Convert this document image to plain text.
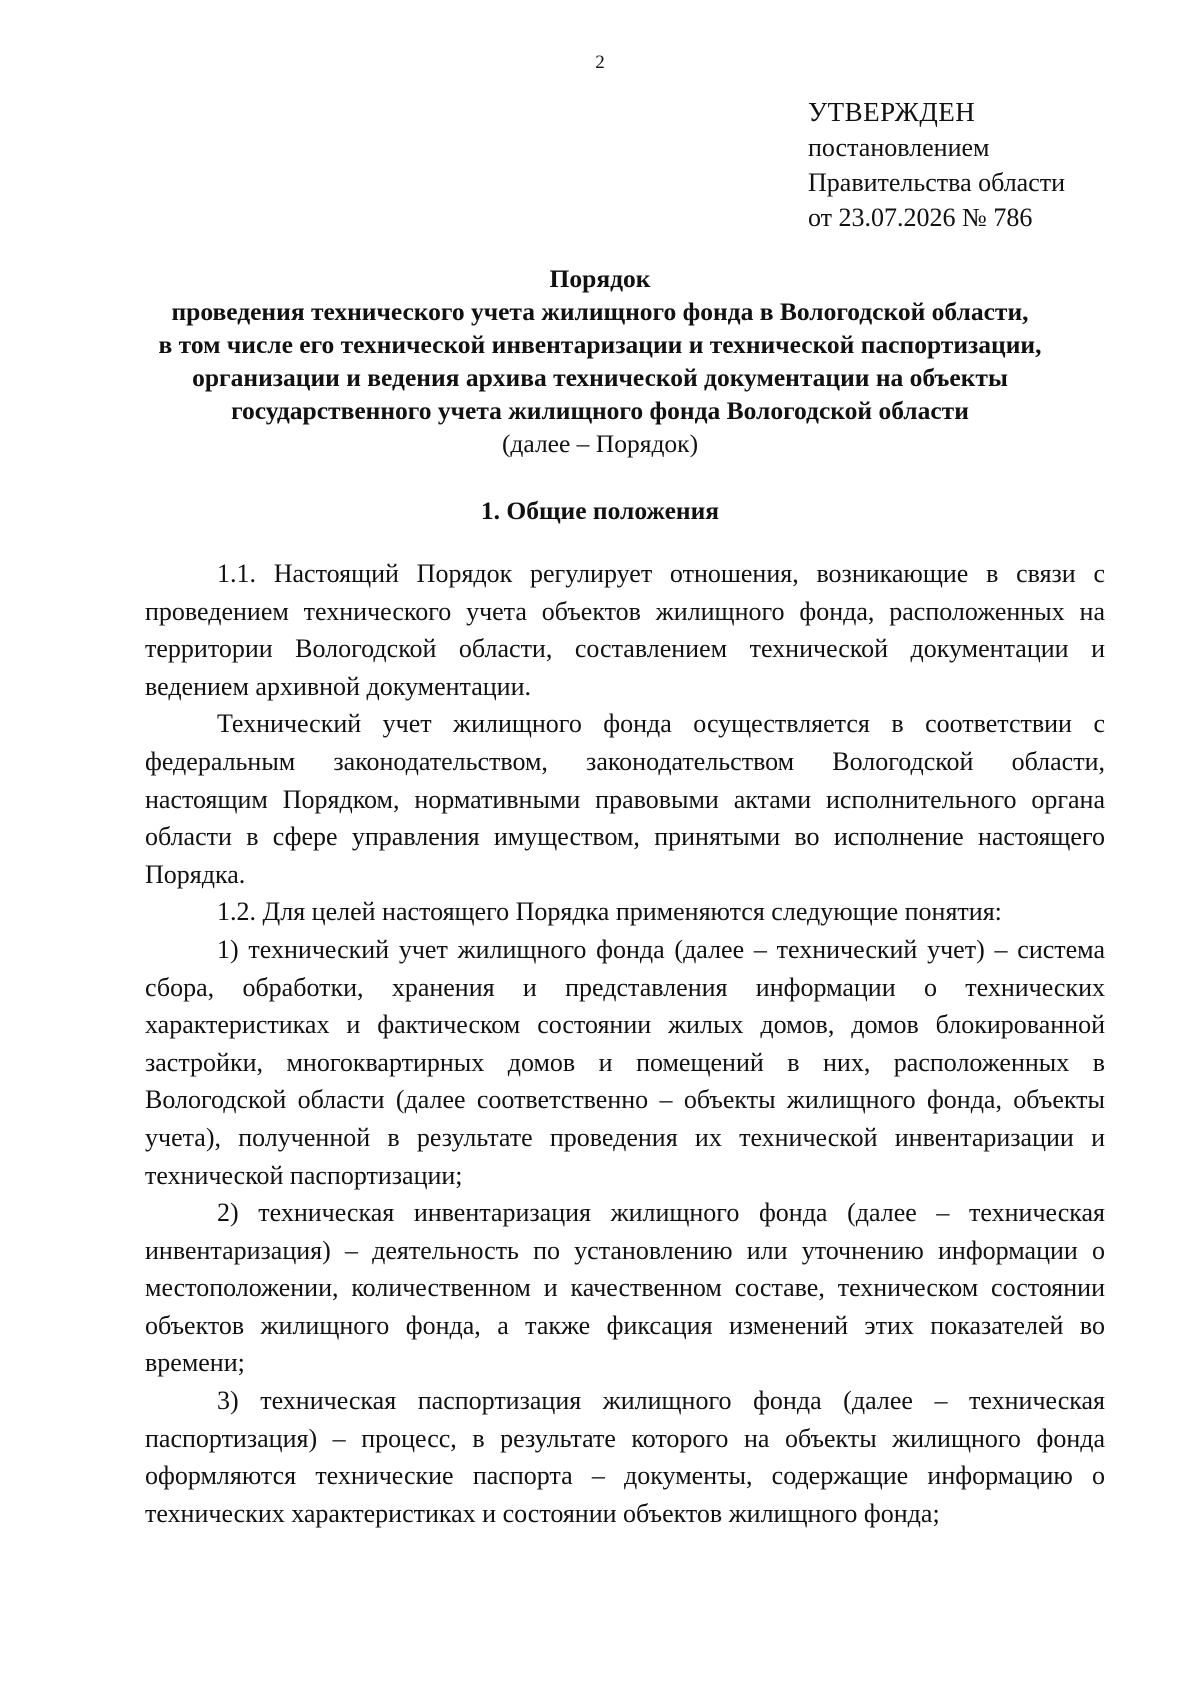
2
УТВЕРЖДЕН
постановлением
Правительства области
от 23.07.2026 № 786
Порядок
проведения технического учета жилищного фонда в Вологодской области,
в том числе его технической инвентаризации и технической паспортизации,
организации и ведения архива технической документации на объекты
государственного учета жилищного фонда Вологодской области
(далее – Порядок)
1. Общие положения

1.1. Настоящий Порядок регулирует отношения, возникающие в связи с проведением технического учета объектов жилищного фонда, расположенных на территории Вологодской области, составлением технической документации и ведением архивной документации.

Технический учет жилищного фонда осуществляется в соответствии с федеральным законодательством, законодательством Вологодской области, настоящим Порядком, нормативными правовыми актами исполнительного органа области в сфере управления имуществом, принятыми во исполнение настоящего Порядка.

1.2. Для целей настоящего Порядка применяются следующие понятия:

1) технический учет жилищного фонда (далее – технический учет) – система сбора, обработки, хранения и представления информации о технических характеристиках и фактическом состоянии жилых домов, домов блокированной застройки, многоквартирных домов и помещений в них, расположенных в Вологодской области (далее соответственно – объекты жилищного фонда, объекты учета), полученной в результате проведения их технической инвентаризации и технической паспортизации;

2) техническая инвентаризация жилищного фонда (далее – техническая инвентаризация) – деятельность по установлению или уточнению информации о местоположении, количественном и качественном составе, техническом состоянии объектов жилищного фонда, а также фиксация изменений этих показателей во времени;

3) техническая паспортизация жилищного фонда (далее – техническая паспортизация) – процесс, в результате которого на объекты жилищного фонда оформляются технические паспорта – документы, содержащие информацию о технических характеристиках и состоянии объектов жилищного фонда;
